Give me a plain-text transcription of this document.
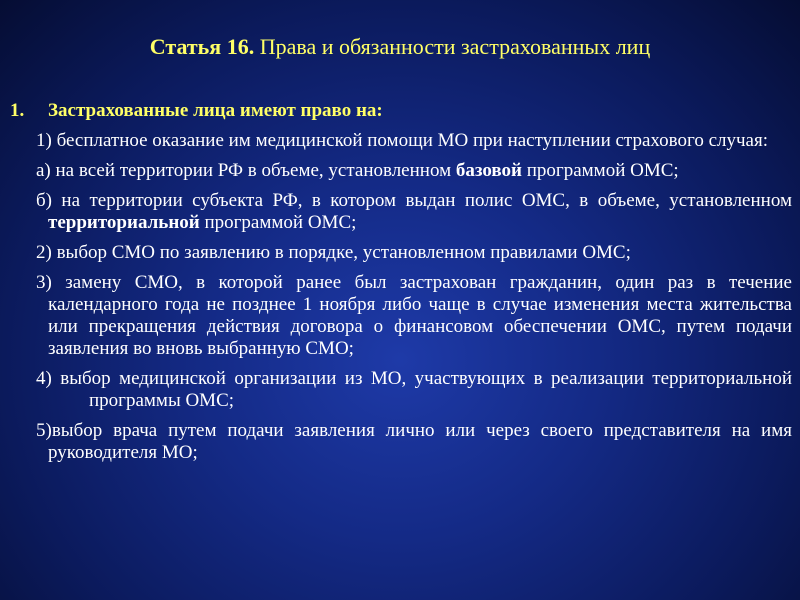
Статья 16. Права и обязанности застрахованных лиц
1. Застрахованные лица имеют право на:
1) бесплатное оказание им медицинской помощи МО при наступлении страхового случая:
а) на всей территории РФ в объеме, установленном базовой программой ОМС;
б) на территории субъекта РФ, в котором выдан полис ОМС, в объеме, установленном территориальной программой ОМС;
2) выбор СМО по заявлению в порядке, установленном правилами ОМС;
3) замену СМО, в которой ранее был застрахован гражданин, один раз в течение календарного года не позднее 1 ноября либо чаще в случае изменения места жительства или прекращения действия договора о финансовом обеспечении ОМС, путем подачи заявления во вновь выбранную СМО;
4) выбор медицинской организации из МО, участвующих в реализации территориальной программы ОМС;
5)выбор врача путем подачи заявления лично или через своего представителя на имя руководителя МО;
